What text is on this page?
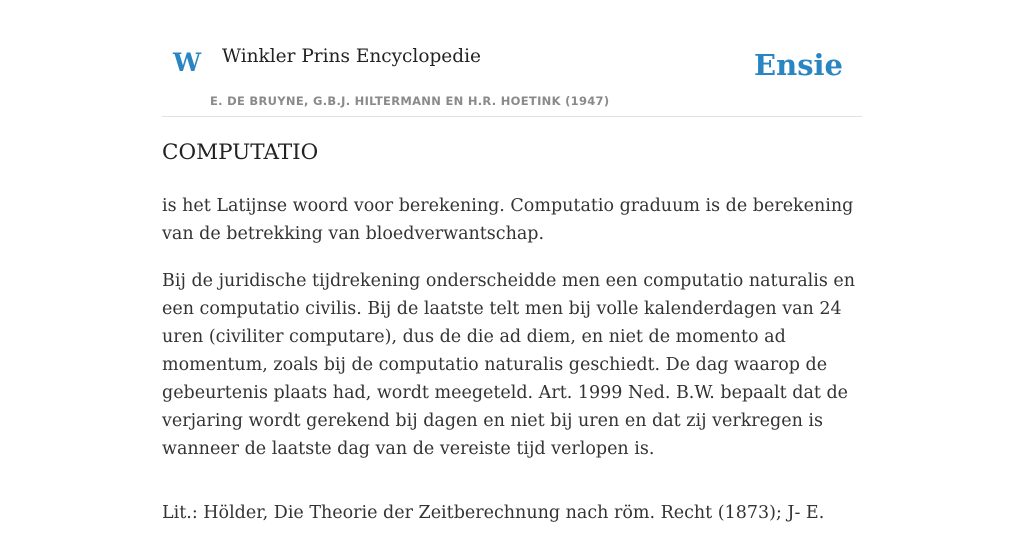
W Winkler Prins Encyclopedie
E. DE BRUYNE, G.B.J. HILTERMANN EN H.R. HOETINK (1947)
Ensie
COMPUTATIO

is het Latijnse woord voor berekening. Computatio graduum is de berekening van de betrekking van bloedverwantschap.

Bij de juridische tijdrekening onderscheidde men een computatio naturalis en een computatio civilis. Bij de laatste telt men bij volle kalenderdagen van 24 uren (civiliter computare), dus de die ad diem, en niet de momento ad momentum, zoals bij de computatio naturalis geschiedt. De dag waarop de gebeurtenis plaats had, wordt meegeteld. Art. 1999 Ned. B.W. bepaalt dat de verjaring wordt gerekend bij dagen en niet bij uren en dat zij verkregen is wanneer de laatste dag van de vereiste tijd verlopen is.

Lit.: Hölder, Die Theorie der Zeitberechnung nach röm. Recht (1873); J- E.
